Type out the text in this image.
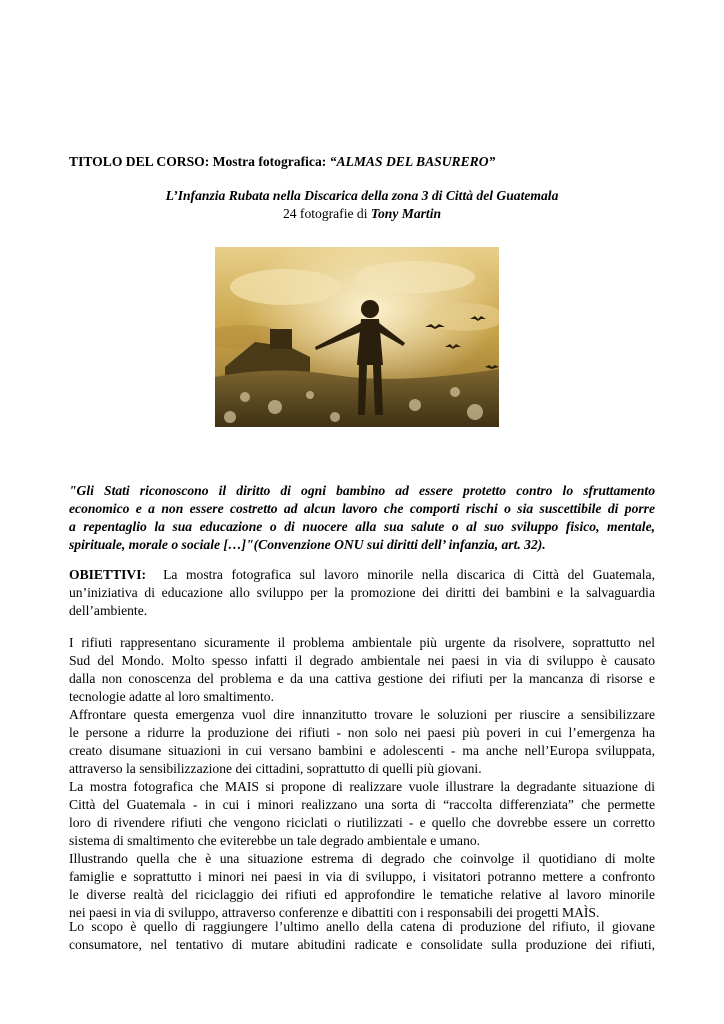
TITOLO DEL CORSO: Mostra fotografica: “ALMAS DEL BASURERO”
L’Infanzia Rubata nella Discarica della zona 3 di Città del Guatemala
24 fotografie di Tony Martin
"Gli Stati riconoscono il diritto di ogni bambino ad essere protetto contro lo sfruttamento
economico e a non essere costretto ad alcun lavoro che comporti rischi o sia suscettibile di porre
a repentaglio la sua educazione o di nuocere alla sua salute o al suo sviluppo fisico, mentale,
spirituale, morale o sociale […]"(Convenzione ONU sui diritti dell’ infanzia, art. 32).
OBIETTIVI:  La mostra fotografica sul lavoro minorile nella discarica di Città del Guatemala,
un’iniziativa di educazione allo sviluppo per la promozione dei diritti dei bambini e la salvaguardia
dell’ambiente.
I rifiuti rappresentano sicuramente il problema ambientale più urgente da risolvere, soprattutto nel
Sud del Mondo. Molto spesso infatti il degrado ambientale nei paesi in via di sviluppo è causato
dalla non conoscenza del problema e da una cattiva gestione dei rifiuti per la mancanza di risorse e
tecnologie adatte al loro smaltimento.
Affrontare questa emergenza vuol dire innanzitutto trovare le soluzioni per riuscire a sensibilizzare
le persone a ridurre la produzione dei rifiuti - non solo nei paesi più poveri in cui l’emergenza ha
creato disumane situazioni in cui versano bambini e adolescenti - ma anche nell’Europa sviluppata,
attraverso la sensibilizzazione dei cittadini, soprattutto di quelli più giovani.
La mostra fotografica che MAIS si propone di realizzare vuole illustrare la degradante situazione di
Città del Guatemala - in cui i minori realizzano una sorta di “raccolta differenziata” che permette
loro di rivendere rifiuti che vengono riciclati o riutilizzati - e quello che dovrebbe essere un corretto
sistema di smaltimento che eviterebbe un tale degrado ambientale e umano.
Illustrando quella che è una situazione estrema di degrado che coinvolge il quotidiano di molte
famiglie e soprattutto i minori nei paesi in via di sviluppo, i visitatori potranno mettere a confronto
le diverse realtà del riciclaggio dei rifiuti ed approfondire le tematiche relative al lavoro minorile
nei paesi in via di sviluppo, attraverso conferenze e dibattiti con i responsabili dei progetti MAÌS.
Lo scopo è quello di raggiungere l’ultimo anello della catena di produzione del rifiuto, il giovane
consumatore, nel tentativo di mutare abitudini radicate e consolidate sulla produzione dei rifiuti,
